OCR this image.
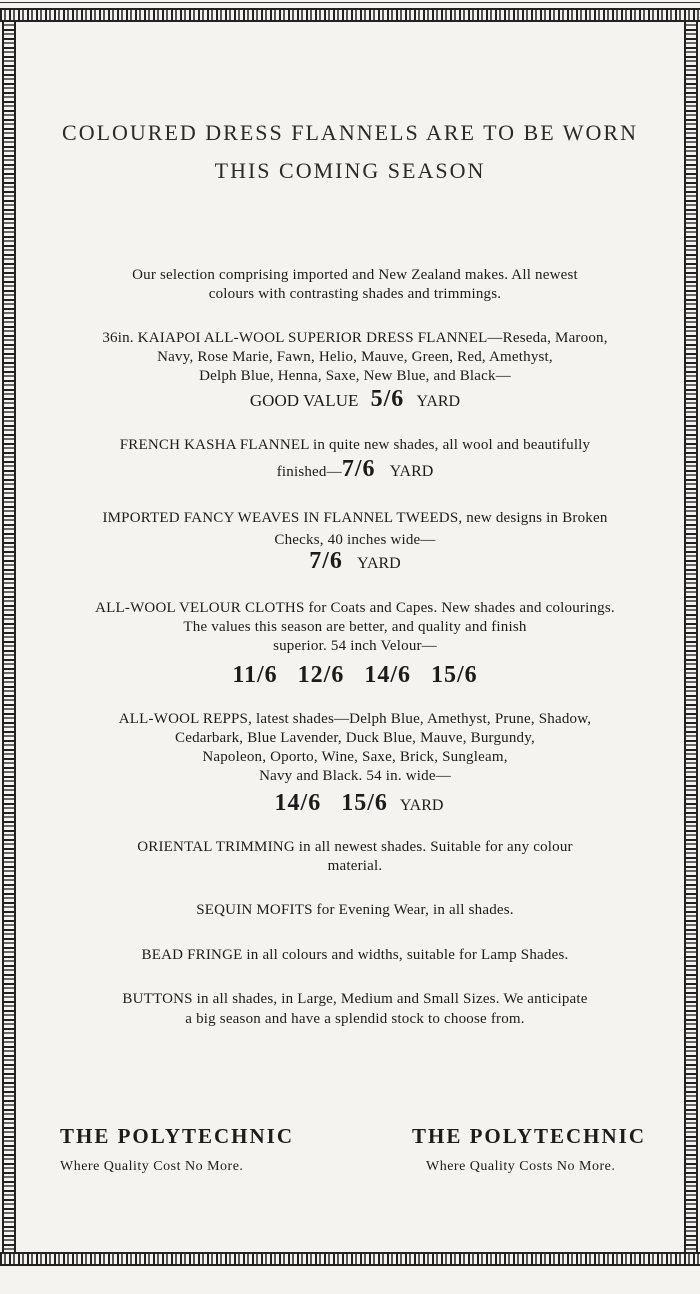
COLOURED DRESS FLANNELS ARE TO BE WORN
THIS COMING SEASON
Our selection comprising imported and New Zealand makes. All newest
colours with contrasting shades and trimmings.
36in. KAIAPOI ALL-WOOL SUPERIOR DRESS FLANNEL—Reseda, Maroon,
Navy, Rose Marie, Fawn, Helio, Mauve, Green, Red, Amethyst,
Delph Blue, Henna, Saxe, New Blue, and Black—
GOOD VALUE 5/6 YARD
FRENCH KASHA FLANNEL in quite new shades, all wool and beautifully
finished—7/6 YARD
IMPORTED FANCY WEAVES IN FLANNEL TWEEDS, new designs in Broken
Checks, 40 inches wide—
7/6 YARD
ALL-WOOL VELOUR CLOTHS for Coats and Capes. New shades and colourings.
The values this season are better, and quality and finish
superior. 54 inch Velour—
11/6 12/6 14/6 15/6
ALL-WOOL REPPS, latest shades—Delph Blue, Amethyst, Prune, Shadow,
Cedarbark, Blue Lavender, Duck Blue, Mauve, Burgundy,
Napoleon, Oporto, Wine, Saxe, Brick, Sungleam,
Navy and Black. 54 in. wide—
14/6 15/6 YARD
ORIENTAL TRIMMING in all newest shades. Suitable for any colour
material.
SEQUIN MOFITS for Evening Wear, in all shades.
BEAD FRINGE in all colours and widths, suitable for Lamp Shades.
BUTTONS in all shades, in Large, Medium and Small Sizes. We anticipate
a big season and have a splendid stock to choose from.
THE POLYTECHNIC
Where Quality Cost No More.
THE POLYTECHNIC
Where Quality Costs No More.
